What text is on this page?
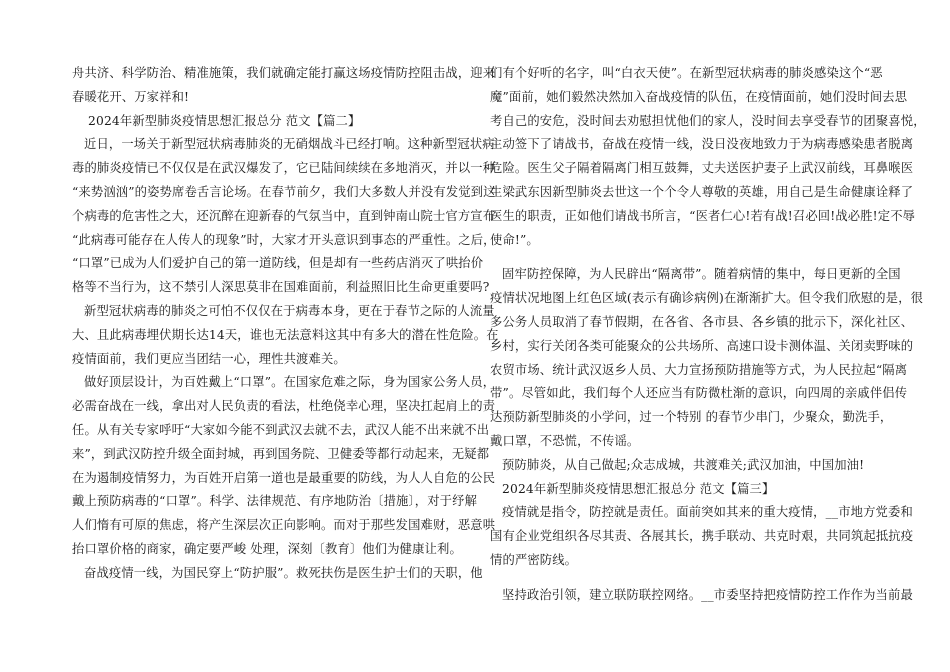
舟共济、科学防治、精准施策，我们就确定能打赢这场疫情防控阻击战，迎来
春暖花开、万家祥和!
2024年新型肺炎疫情思想汇报总分 范文【篇二】
近日，一场关于新型冠状病毒肺炎的无硝烟战斗已经打响。这种新型冠状病
毒的肺炎疫情已不仅仅是在武汉爆发了，它已陆间续续在多地消灭，并以一种
“来势汹汹”的姿势席卷舌言论场。在春节前夕，我们大多数人并没有发觉到这
个病毒的危害性之大，还沉醉在迎新春的气氛当中，直到钟南山院士官方宣布
“此病毒可能存在人传人的现象”时，大家才开头意识到事态的严重性。之后，
“口罩”已成为人们爱护自己的第一道防线，但是却有一些药店消灭了哄抬价
格等不当行为，这不禁引人深思莫非在国难面前，利益照旧比生命更重要吗?
新型冠状病毒的肺炎之可怕不仅仅在于病毒本身，更在于春节之际的人流量
大、且此病毒埋伏期长达14天，谁也无法意料这其中有多大的潜在性危险。在
疫情面前，我们更应当团结一心，理性共渡难关。
做好顶层设计，为百姓戴上“口罩”。在国家危难之际，身为国家公务人员，
必需奋战在一线，拿出对人民负责的看法，杜绝侥幸心理，坚决扛起肩上的责
任。从有关专家呼吁“大家如今能不到武汉去就不去，武汉人能不出来就不出
来”，到武汉防控升级全面封城，再到国务院、卫健委等都行动起来，无疑都
在为遏制疫情努力，为百姓开启第一道也是最重要的防线，为人人自危的公民
戴上预防病毒的“口罩”。科学、法律规范、有序地防治〔措施〕，对于纾解
人们惰有可原的焦虑，将产生深层次正向影响。而对于那些发国难财，恶意哄
抬口罩价格的商家，确定要严峻 处理，深刻〔教育〕他们为健康让利。
奋战疫情一线，为国民穿上“防护服”。救死扶伤是医生护士们的天职，他
们有个好听的名字，叫“白衣天使”。在新型冠状病毒的肺炎感染这个“恶
魔”面前，她们毅然决然加入奋战疫情的队伍，在疫情面前，她们没时间去思
考自己的安危，没时间去劝慰担忧他们的家人，没时间去享受春节的团聚喜悦，
主动签下了请战书，奋战在疫情一线，没日没夜地致力于为病毒感染患者脱离
危险。医生父子隔着隔离门相互鼓舞，丈夫送医护妻子上武汉前线，耳鼻喉医
生梁武东因新型肺炎去世这一个个令人尊敬的英雄，用自己是生命健康诠释了
医生的职责，正如他们请战书所言，“医者仁心!若有战!召必回!战必胜!定不辱
使命!”。
固牢防控保障，为人民辟出“隔离带”。随着病情的集中，每日更新的全国
疫情状况地图上红色区域(表示有确诊病例)在渐渐扩大。但令我们欣慰的是，很
多公务人员取消了春节假期，在各省、各市县、各乡镇的批示下，深化社区、
乡村，实行关闭各类可能聚众的公共场所、高速口设卡测体温、关闭卖野味的
农贸市场、统计武汉返乡人员、大力宣扬预防措施等方式，为人民拉起“隔离
带”。尽管如此，我们每个人还应当有防微杜渐的意识，向四周的亲戚伴侣传
达预防新型肺炎的小学问，过一个特别 的春节少串门，少聚众，勤洗手，
戴口罩，不恐慌，不传谣。
预防肺炎，从自己做起;众志成城，共渡难关;武汉加油，中国加油!
2024年新型肺炎疫情思想汇报总分 范文【篇三】
疫情就是指令，防控就是责任。面前突如其来的重大疫情，__市地方党委和
国有企业党组织各尽其责、各展其长，携手联动、共克时艰，共同筑起抵抗疫
情的严密防线。
坚持政治引领，建立联防联控网络。__市委坚持把疫情防控工作作为当前最
